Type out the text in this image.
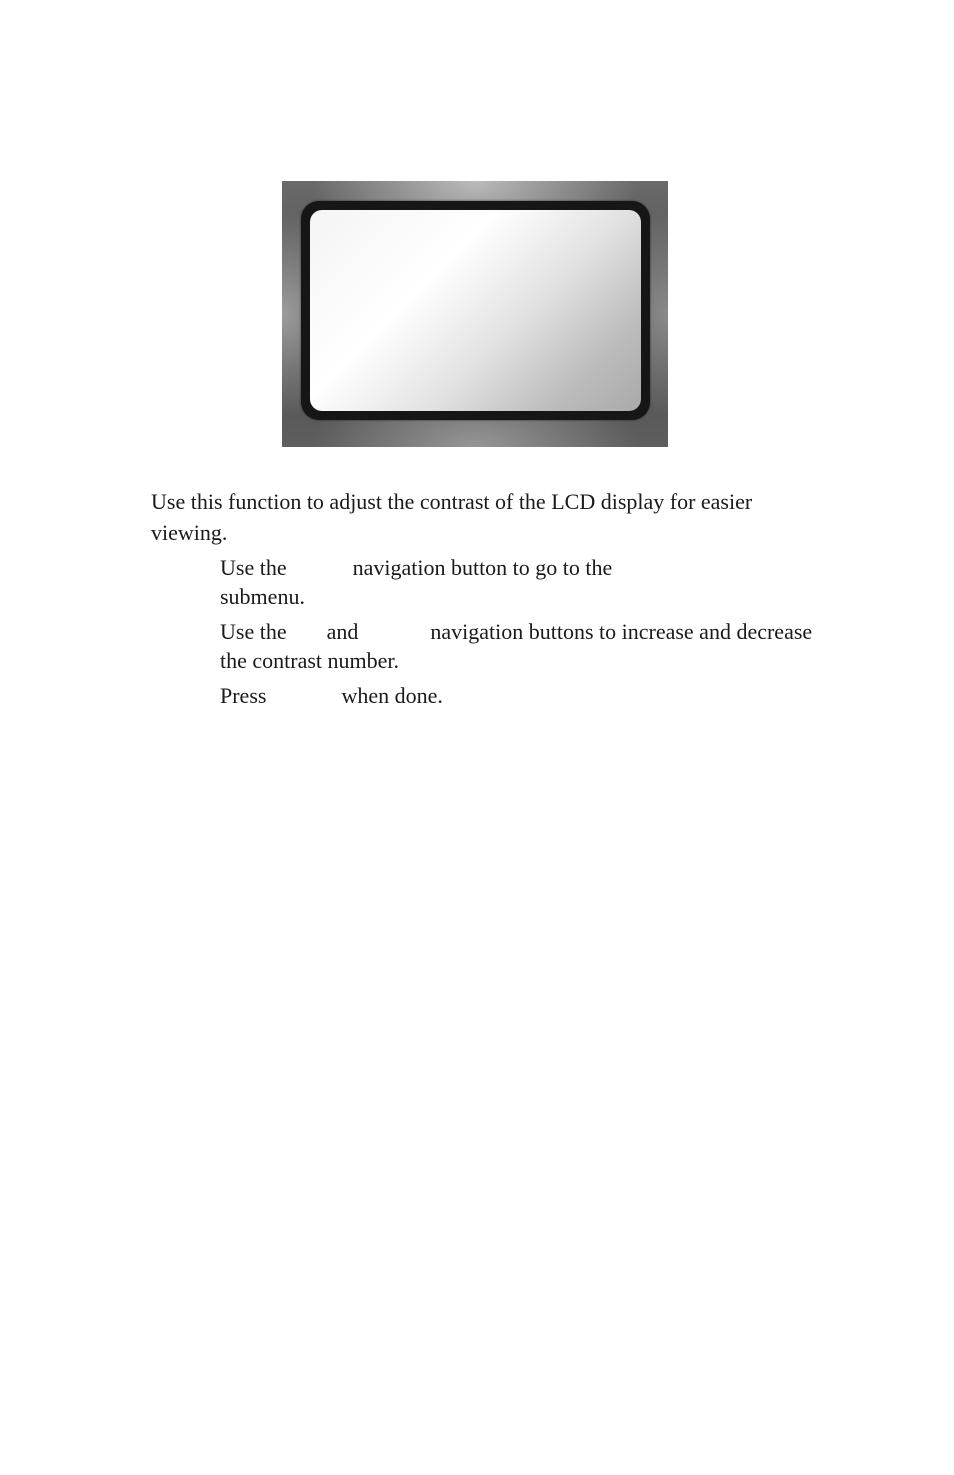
Use this function to adjust the contrast of the LCD display for easier viewing.

Use the	navigation button to go to thesubmenu.
Use the and	navigation buttons to increase and decrease the contrast number.
Press	when done.
